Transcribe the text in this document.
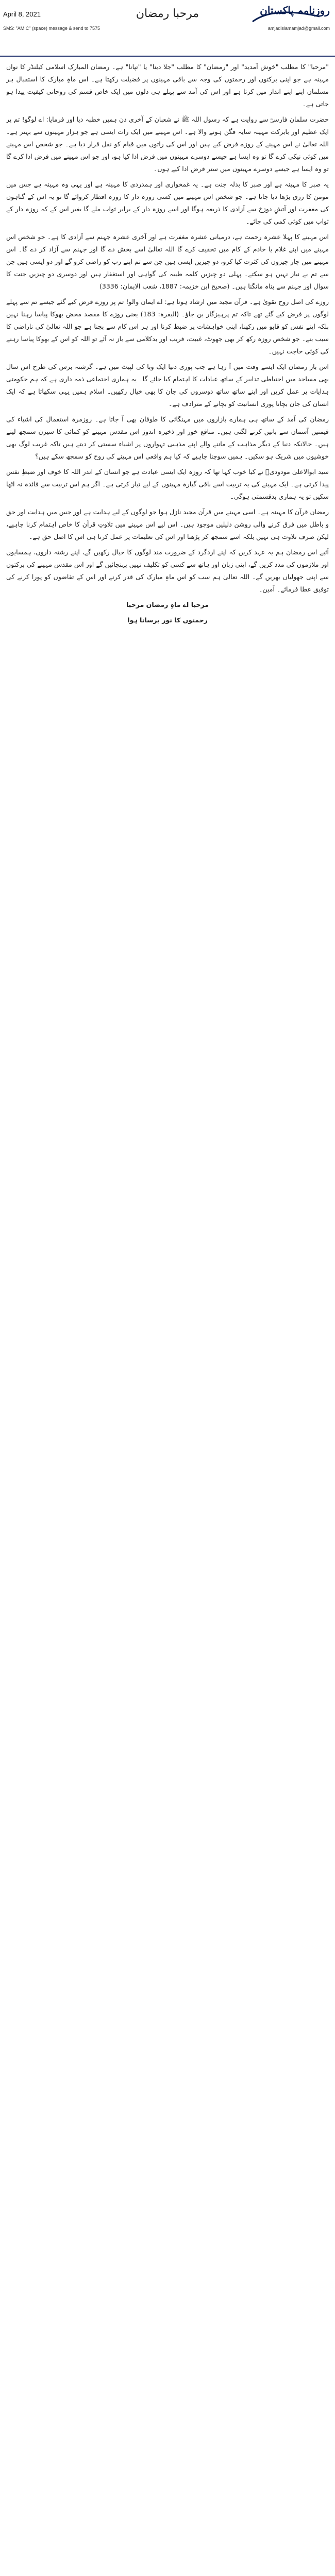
April 8, 2021	مرحبا رمضان	روزنامہ پاکستان
SMS: "AMIC" (space) message & send to 7575	amjadislamamjad@gmail.com

"مرحبا" کا مطلب "خوش آمدید" اور "رمضان" کا مطلب "جلا دینا" یا "تپانا" ہے۔ رمضان المبارک اسلامی کیلنڈر کا نواں مہینہ ہے جو اپنی برکتوں اور رحمتوں کی وجہ سے باقی مہینوں پر فضیلت رکھتا ہے۔ اس ماہِ مبارک کا استقبال ہر مسلمان اپنے اپنے انداز میں کرتا ہے اور اس کی آمد سے پہلے ہی دلوں میں ایک خاص قسم کی روحانی کیفیت پیدا ہو جاتی ہے۔

حضرت سلمان فارسیؓ سے روایت ہے کہ رسول اللہ ﷺ نے شعبان کے آخری دن ہمیں خطبہ دیا اور فرمایا: اے لوگو! تم پر ایک عظیم اور بابرکت مہینہ سایہ فگن ہونے والا ہے۔ اس مہینے میں ایک رات ایسی ہے جو ہزار مہینوں سے بہتر ہے۔ اللہ تعالیٰ نے اس مہینے کے روزے فرض کیے ہیں اور اس کی راتوں میں قیام کو نفل قرار دیا ہے۔ جو شخص اس مہینے میں کوئی نیکی کرے گا تو وہ ایسا ہے جیسے دوسرے مہینوں میں فرض ادا کیا ہو، اور جو اس مہینے میں فرض ادا کرے گا تو وہ ایسا ہے جیسے دوسرے مہینوں میں ستر فرض ادا کیے ہوں۔

یہ صبر کا مہینہ ہے اور صبر کا بدلہ جنت ہے۔ یہ غمخواری اور ہمدردی کا مہینہ ہے اور یہی وہ مہینہ ہے جس میں مومن کا رزق بڑھا دیا جاتا ہے۔ جو شخص اس مہینے میں کسی روزہ دار کا روزہ افطار کروائے گا تو یہ اس کے گناہوں کی مغفرت اور آتشِ دوزخ سے آزادی کا ذریعہ ہوگا اور اسے روزہ دار کے برابر ثواب ملے گا بغیر اس کے کہ روزہ دار کے ثواب میں کوئی کمی کی جائے۔

اس مہینے کا پہلا عشرہ رحمت ہے، درمیانی عشرہ مغفرت ہے اور آخری عشرہ جہنم سے آزادی کا ہے۔ جو شخص اس مہینے میں اپنے غلام یا خادم کے کام میں تخفیف کرے گا اللہ تعالیٰ اسے بخش دے گا اور جہنم سے آزاد کر دے گا۔ اس مہینے میں چار چیزوں کی کثرت کیا کرو، دو چیزیں ایسی ہیں جن سے تم اپنے رب کو راضی کرو گے اور دو ایسی ہیں جن سے تم بے نیاز نہیں ہو سکتے۔ پہلی دو چیزیں کلمہ طیبہ کی گواہی اور استغفار ہیں اور دوسری دو چیزیں جنت کا سوال اور جہنم سے پناہ مانگنا ہیں۔ (صحیح ابن خزیمہ: 1887، شعب الایمان: 3336)

روزے کی اصل روح تقویٰ ہے۔ قرآن مجید میں ارشاد ہوتا ہے: اے ایمان والو! تم پر روزے فرض کیے گئے جیسے تم سے پہلے لوگوں پر فرض کیے گئے تھے تاکہ تم پرہیزگار بن جاؤ۔ (البقرہ: 183) یعنی روزے کا مقصد محض بھوکا پیاسا رہنا نہیں بلکہ اپنے نفس کو قابو میں رکھنا، اپنی خواہشات پر ضبط کرنا اور ہر اس کام سے بچنا ہے جو اللہ تعالیٰ کی ناراضی کا سبب بنے۔ جو شخص روزہ رکھ کر بھی جھوٹ، غیبت، فریب اور بدکلامی سے باز نہ آئے تو اللہ کو اس کے بھوکا پیاسا رہنے کی کوئی حاجت نہیں۔

اس بار رمضان ایک ایسے وقت میں آ رہا ہے جب پوری دنیا ایک وبا کی لپیٹ میں ہے۔ گزشتہ برس کی طرح اس سال بھی مساجد میں احتیاطی تدابیر کے ساتھ عبادات کا اہتمام کیا جائے گا۔ یہ ہماری اجتماعی ذمہ داری ہے کہ ہم حکومتی ہدایات پر عمل کریں اور اپنے ساتھ ساتھ دوسروں کی جان کا بھی خیال رکھیں۔ اسلام ہمیں یہی سکھاتا ہے کہ ایک انسان کی جان بچانا پوری انسانیت کو بچانے کے مترادف ہے۔

رمضان کی آمد کے ساتھ ہی ہمارے بازاروں میں مہنگائی کا طوفان بھی آ جاتا ہے۔ روزمرہ استعمال کی اشیاء کی قیمتیں آسمان سے باتیں کرنے لگتی ہیں۔ منافع خور اور ذخیرہ اندوز اس مقدس مہینے کو کمائی کا سیزن سمجھ لیتے ہیں۔ حالانکہ دنیا کے دیگر مذاہب کے ماننے والے اپنے مذہبی تہواروں پر اشیاء سستی کر دیتے ہیں تاکہ غریب لوگ بھی خوشیوں میں شریک ہو سکیں۔ ہمیں سوچنا چاہیے کہ کیا ہم واقعی اس مہینے کی روح کو سمجھ سکے ہیں؟

سید ابوالاعلیٰ مودودیؒ نے کیا خوب کہا تھا کہ روزہ ایک ایسی عبادت ہے جو انسان کے اندر اللہ کا خوف اور ضبطِ نفس پیدا کرتی ہے۔ ایک مہینے کی یہ تربیت اسے باقی گیارہ مہینوں کے لیے تیار کرتی ہے۔ اگر ہم اس تربیت سے فائدہ نہ اٹھا سکیں تو یہ ہماری بدقسمتی ہوگی۔

رمضان قرآن کا مہینہ ہے۔ اسی مہینے میں قرآن مجید نازل ہوا جو لوگوں کے لیے ہدایت ہے اور جس میں ہدایت اور حق و باطل میں فرق کرنے والی روشن دلیلیں موجود ہیں۔ اس لیے اس مہینے میں تلاوتِ قرآن کا خاص اہتمام کرنا چاہیے، لیکن صرف تلاوت ہی نہیں بلکہ اسے سمجھ کر پڑھنا اور اس کی تعلیمات پر عمل کرنا ہی اس کا اصل حق ہے۔

آئیے اس رمضان ہم یہ عہد کریں کہ اپنے اردگرد کے ضرورت مند لوگوں کا خیال رکھیں گے، اپنے رشتہ داروں، ہمسایوں اور ملازموں کی مدد کریں گے، اپنی زبان اور ہاتھ سے کسی کو تکلیف نہیں پہنچائیں گے اور اس مقدس مہینے کی برکتوں سے اپنی جھولیاں بھریں گے۔ اللہ تعالیٰ ہم سب کو اس ماہِ مبارک کی قدر کرنے اور اس کے تقاضوں کو پورا کرنے کی توفیق عطا فرمائے۔ آمین۔

مرحبا اے ماہِ رمضان مرحبا

رحمتوں کا نور برساتا ہوا
